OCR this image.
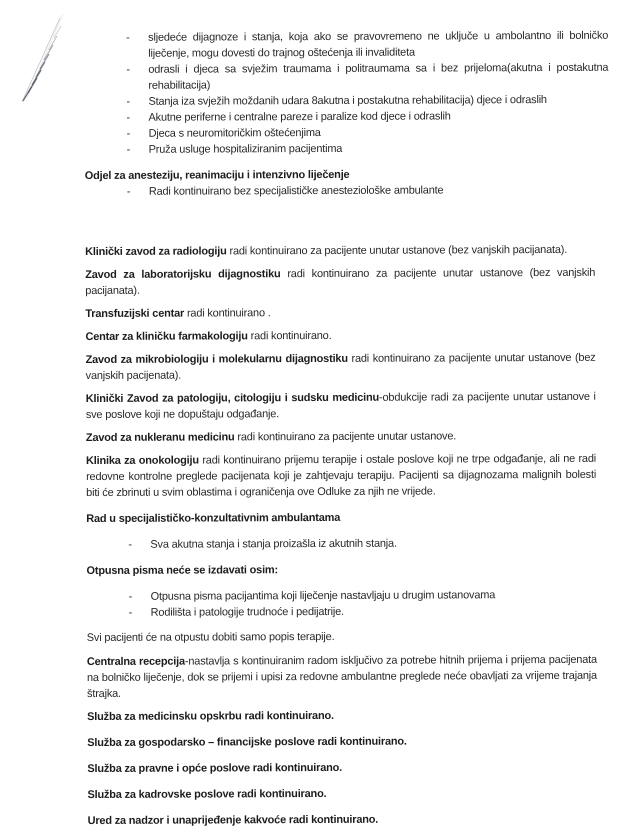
-	sljedeće dijagnoze i stanja, koja ako se pravovremeno ne uključe u ambolantno ili bolničko liječenje, mogu dovesti do trajnog oštećenja ili invaliditeta
-	odrasli i djeca sa svježim traumama i politraumama sa i bez prijeloma(akutna i postakutna rehabilitacija)
-	Stanja iza svježih moždanih udara 8akutna i postakutna rehabilitacija) djece i odraslih
-	Akutne periferne i centralne pareze i paralize kod djece i odraslih
-	Djeca s neuromitoričkim oštećenjima
-	Pruža usluge hospitaliziranim pacijentima

Odjel za anesteziju, reanimaciju i intenzivno liječenje

-	Radi kontinuirano bez specijalističke anesteziološke ambulante

Klinički zavod za radiologiju radi kontinuirano za pacijente unutar ustanove (bez vanjskih pacijanata).

Zavod za laboratorijsku dijagnostiku radi kontinuirano za pacijente unutar ustanove (bez vanjskih pacijanata).

Transfuzijski centar radi kontinuirano .

Centar za kliničku farmakologiju radi kontinuirano.

Zavod za mikrobiologiju i molekularnu dijagnostiku radi kontinuirano za pacijente unutar ustanove (bez vanjskih pacijenata).

Klinički Zavod za patologiju, citologiju i sudsku medicinu-obdukcije radi za pacijente unutar ustanove i sve poslove koji ne dopuštaju odgađanje.

Zavod za nukleranu medicinu radi kontinuirano za pacijente unutar ustanove.

Klinika za onokologiju radi kontinuirano prijemu terapije i ostale poslove koji ne trpe odgađanje, ali ne radi redovne kontrolne preglede pacijenata koji je zahtjevaju terapiju. Pacijenti sa dijagnozama malignih bolesti biti će zbrinuti u svim oblastima i ograničenja ove Odluke za njih ne vrijede.

Rad u specijalističko-konzultativnim ambulantama

-	Sva akutna stanja i stanja proizašla iz akutnih stanja.

Otpusna pisma neće se izdavati osim:

-	Otpusna pisma pacijantima koji liječenje nastavljaju u drugim ustanovama
-	Rodilišta i patologije trudnoće i pedijatrije.

Svi pacijenti će na otpustu dobiti samo popis terapije.

Centralna recepcija-nastavlja s kontinuiranim radom isključivo za potrebe hitnih prijema i prijema pacijenata na bolničko liječenje, dok se prijemi i upisi za redovne ambulantne preglede neće obavljati za vrijeme trajanja štrajka.

Služba za medicinsku opskrbu radi kontinuirano.

Služba za gospodarsko – financijske poslove radi kontinuirano.

Služba za pravne i opće poslove radi kontinuirano.

Služba za kadrovske poslove radi kontinuirano.

Ured za nadzor i unaprijeđenje kakvoće radi kontinuirano.
